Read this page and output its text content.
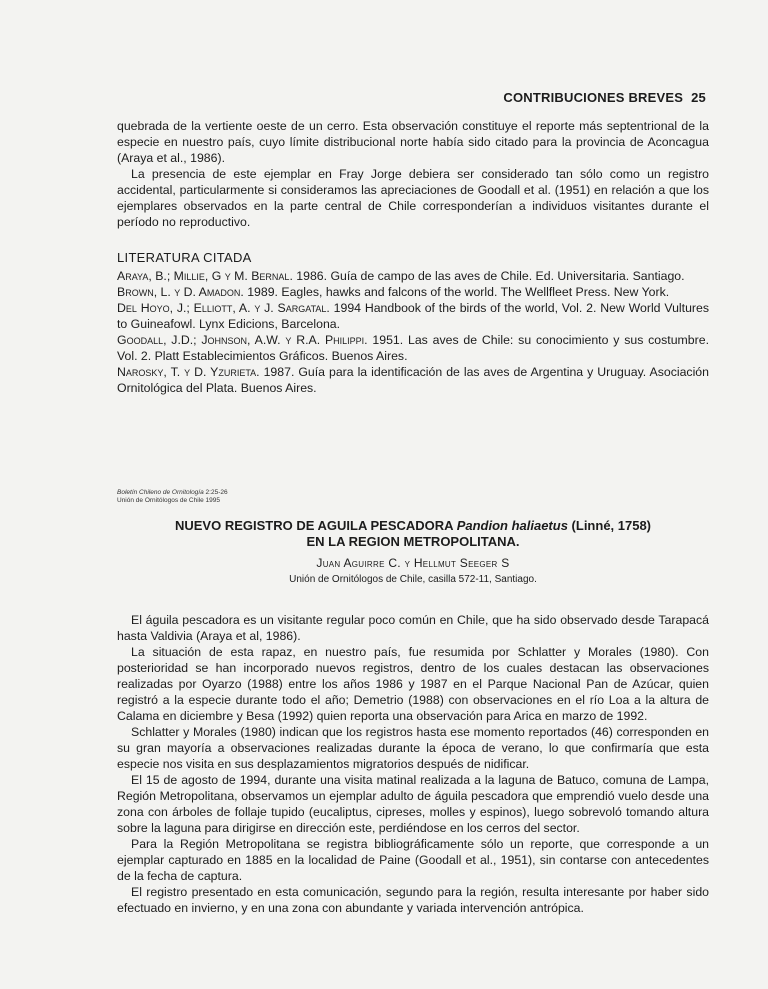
CONTRIBUCIONES BREVES 25

quebrada de la vertiente oeste de un cerro. Esta observación constituye el reporte más septentrional de la especie en nuestro país, cuyo límite distribucional norte había sido citado para la provincia de Aconcagua (Araya et al., 1986).

La presencia de este ejemplar en Fray Jorge debiera ser considerado tan sólo como un registro accidental, particularmente si consideramos las apreciaciones de Goodall et al. (1951) en relación a que los ejemplares observados en la parte central de Chile corresponderían a individuos visitantes durante el período no reproductivo.

LITERATURA CITADA

Araya, B.; Millie, G y M. Bernal. 1986. Guía de campo de las aves de Chile. Ed. Universitaria. Santiago.

Brown, L. y D. Amadon. 1989. Eagles, hawks and falcons of the world. The Wellfleet Press. New York.

Del Hoyo, J.; Elliott, A. y J. Sargatal. 1994 Handbook of the birds of the world, Vol. 2. New World Vultures to Guineafowl. Lynx Edicions, Barcelona.

Goodall, J.D.; Johnson, A.W. y R.A. Philippi. 1951. Las aves de Chile: su conocimiento y sus costumbre. Vol. 2. Platt Establecimientos Gráficos. Buenos Aires.

Narosky, T. y D. Yzurieta. 1987. Guía para la identificación de las aves de Argentina y Uruguay. Asociación Ornitológica del Plata. Buenos Aires.

Boletín Chileno de Ornitología 2:25-26
Unión de Ornitólogos de Chile 1995

NUEVO REGISTRO DE AGUILA PESCADORA Pandion haliaetus (Linné, 1758)
EN LA REGION METROPOLITANA.

Juan Aguirre C. y Hellmut Seeger S
Unión de Ornitólogos de Chile, casilla 572-11, Santiago.

El águila pescadora es un visitante regular poco común en Chile, que ha sido observado desde Tarapacá hasta Valdivia (Araya et al, 1986).

La situación de esta rapaz, en nuestro país, fue resumida por Schlatter y Morales (1980). Con posterioridad se han incorporado nuevos registros, dentro de los cuales destacan las observaciones realizadas por Oyarzo (1988) entre los años 1986 y 1987 en el Parque Nacional Pan de Azúcar, quien registró a la especie durante todo el año; Demetrio (1988) con observaciones en el río Loa a la altura de Calama en diciembre y Besa (1992) quien reporta una observación para Arica en marzo de 1992.

Schlatter y Morales (1980) indican que los registros hasta ese momento reportados (46) corresponden en su gran mayoría a observaciones realizadas durante la época de verano, lo que confirmaría que esta especie nos visita en sus desplazamientos migratorios después de nidificar.

El 15 de agosto de 1994, durante una visita matinal realizada a la laguna de Batuco, comuna de Lampa, Región Metropolitana, observamos un ejemplar adulto de águila pescadora que emprendió vuelo desde una zona con árboles de follaje tupido (eucaliptus, cipreses, molles y espinos), luego sobrevoló tomando altura sobre la laguna para dirigirse en dirección este, perdiéndose en los cerros del sector.

Para la Región Metropolitana se registra bibliográficamente sólo un reporte, que corresponde a un ejemplar capturado en 1885 en la localidad de Paine (Goodall et al., 1951), sin contarse con antecedentes de la fecha de captura.

El registro presentado en esta comunicación, segundo para la región, resulta interesante por haber sido efectuado en invierno, y en una zona con abundante y variada intervención antrópica.
